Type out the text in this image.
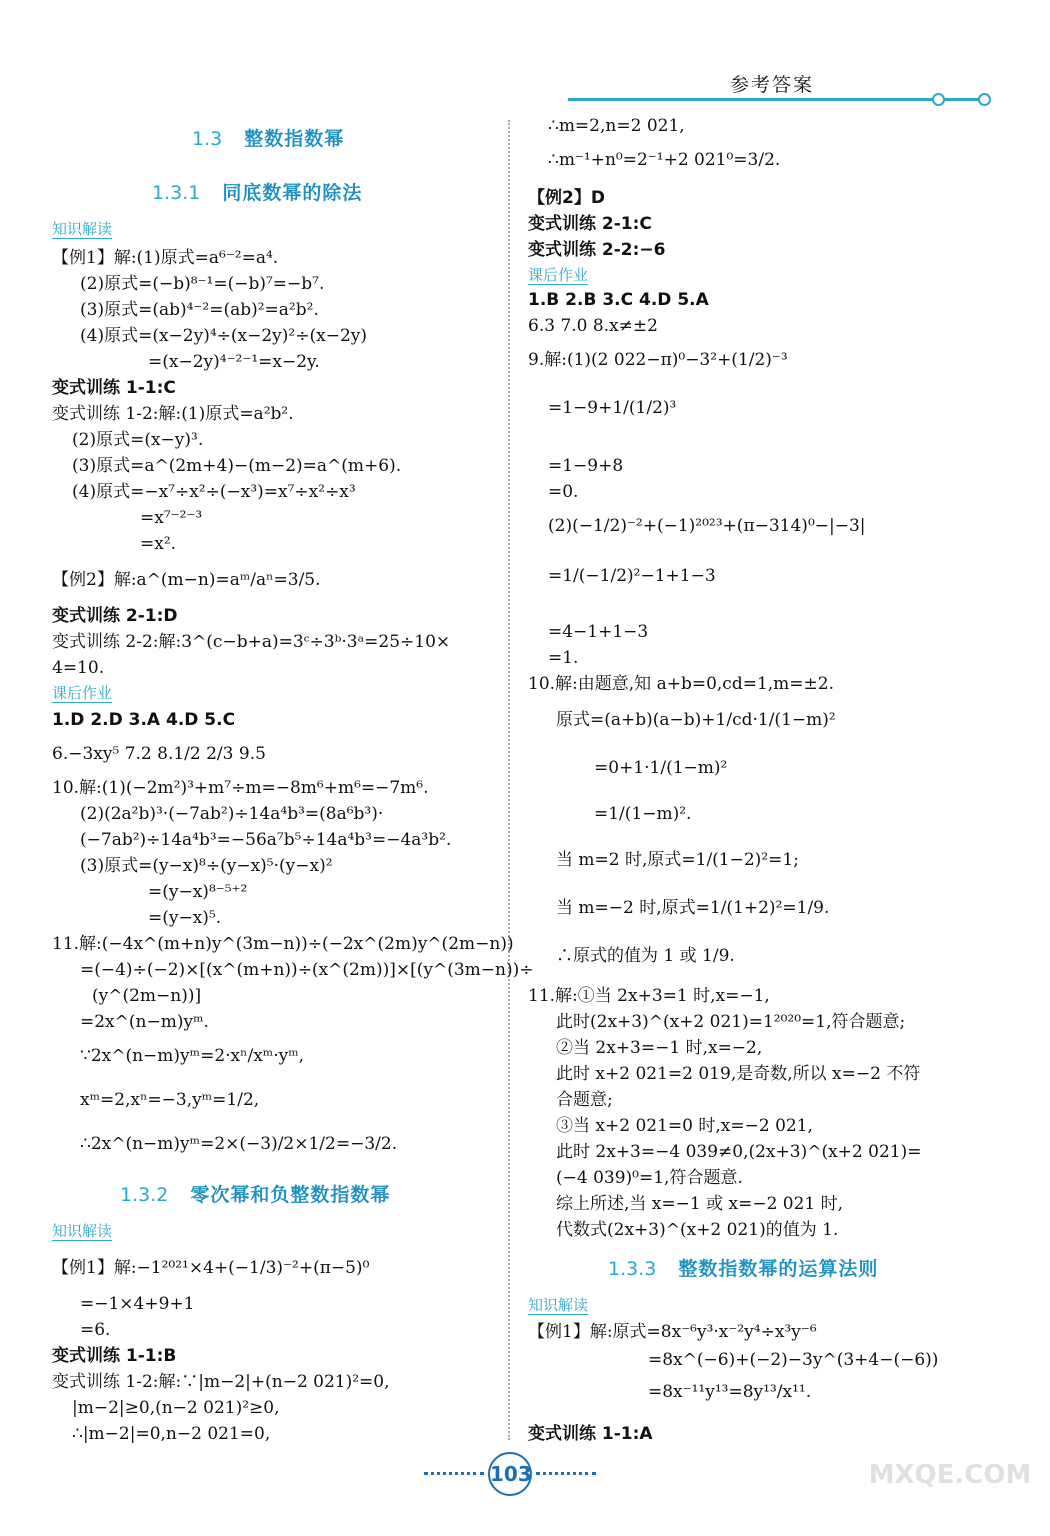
参考答案
1.3 整数指数幂
1.3.1 同底数幂的除法
知识解读
【例1】解:(1)原式=a⁶⁻²=a⁴.
(2)原式=(−b)⁸⁻¹=(−b)⁷=−b⁷.
(3)原式=(ab)⁴⁻²=(ab)²=a²b².
(4)原式=(x−2y)⁴÷(x−2y)²÷(x−2y)
=(x−2y)⁴⁻²⁻¹=x−2y.
变式训练 1-1:C
变式训练 1-2:解:(1)原式=a²b².
(2)原式=(x−y)³.
(3)原式=a^(2m+4)−(m−2)=a^(m+6).
(4)原式=−x⁷÷x²÷(−x³)=x⁷÷x²÷x³
=x⁷⁻²⁻³
=x².
【例2】解:a^(m−n)=aᵐ/aⁿ=3/5.
变式训练 2-1:D
变式训练 2-2:解:3^(c−b+a)=3ᶜ÷3ᵇ·3ᵃ=25÷10×
4=10.
课后作业
1.D 2.D 3.A 4.D 5.C
6.−3xy⁵ 7.2 8.1/2 2/3 9.5
10.解:(1)(−2m²)³+m⁷÷m=−8m⁶+m⁶=−7m⁶.
(2)(2a²b)³·(−7ab²)÷14a⁴b³=(8a⁶b³)·
(−7ab²)÷14a⁴b³=−56a⁷b⁵÷14a⁴b³=−4a³b².
(3)原式=(y−x)⁸÷(y−x)⁵·(y−x)²
=(y−x)⁸⁻⁵⁺²
=(y−x)⁵.
11.解:(−4x^(m+n)y^(3m−n))÷(−2x^(2m)y^(2m−n))
=(−4)÷(−2)×[(x^(m+n))÷(x^(2m))]×[(y^(3m−n))÷
(y^(2m−n))]
=2x^(n−m)yᵐ.
∵2x^(n−m)yᵐ=2·xⁿ/xᵐ·yᵐ,
xᵐ=2,xⁿ=−3,yᵐ=1/2,
∴2x^(n−m)yᵐ=2×(−3)/2×1/2=−3/2.
1.3.2 零次幂和负整数指数幂
知识解读
【例1】解:−1²⁰²¹×4+(−1/3)⁻²+(π−5)⁰
=−1×4+9+1
=6.
变式训练 1-1:B
变式训练 1-2:解:∵|m−2|+(n−2 021)²=0,
|m−2|≥0,(n−2 021)²≥0,
∴|m−2|=0,n−2 021=0,
∴m=2,n=2 021,
∴m⁻¹+n⁰=2⁻¹+2 021⁰=3/2.
【例2】D
变式训练 2-1:C
变式训练 2-2:−6
课后作业
1.B 2.B 3.C 4.D 5.A
6.3 7.0 8.x≠±2
9.解:(1)(2 022−π)⁰−3²+(1/2)⁻³
=1−9+1/(1/2)³
=1−9+8
=0.
(2)(−1/2)⁻²+(−1)²⁰²³+(π−314)⁰−|−3|
=1/(−1/2)²−1+1−3
=4−1+1−3
=1.
10.解:由题意,知 a+b=0,cd=1,m=±2.
原式=(a+b)(a−b)+1/cd·1/(1−m)²
=0+1·1/(1−m)²
=1/(1−m)².
当 m=2 时,原式=1/(1−2)²=1;
当 m=−2 时,原式=1/(1+2)²=1/9.
∴原式的值为 1 或 1/9.
11.解:①当 2x+3=1 时,x=−1,
此时(2x+3)^(x+2 021)=1²⁰²⁰=1,符合题意;
②当 2x+3=−1 时,x=−2,
此时 x+2 021=2 019,是奇数,所以 x=−2 不符
合题意;
③当 x+2 021=0 时,x=−2 021,
此时 2x+3=−4 039≠0,(2x+3)^(x+2 021)=
(−4 039)⁰=1,符合题意.
综上所述,当 x=−1 或 x=−2 021 时,
代数式(2x+3)^(x+2 021)的值为 1.
1.3.3 整数指数幂的运算法则
知识解读
【例1】解:原式=8x⁻⁶y³·x⁻²y⁴÷x³y⁻⁶
=8x^(−6)+(−2)−3y^(3+4−(−6))
=8x⁻¹¹y¹³=8y¹³/x¹¹.
变式训练 1-1:A
103	MXQE.COM
